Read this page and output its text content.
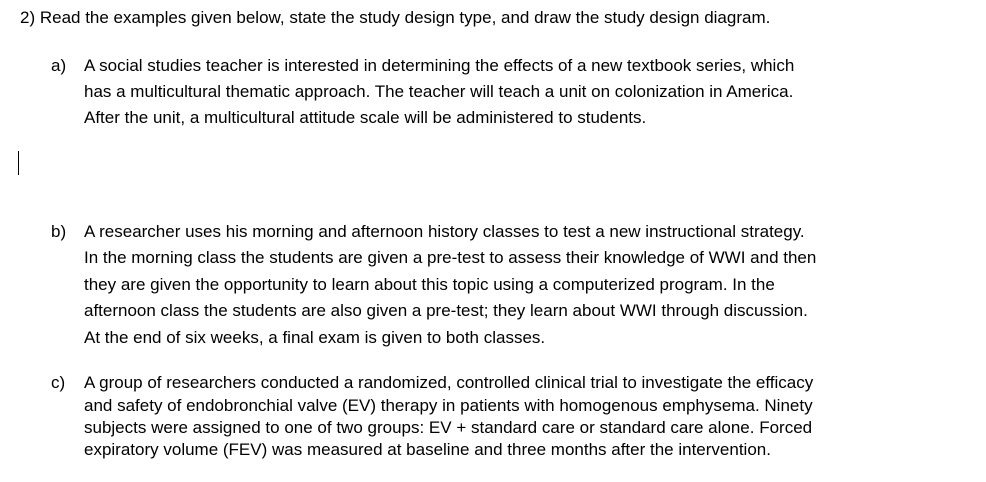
2) Read the examples given below, state the study design type, and draw the study design diagram.
a) A social studies teacher is interested in determining the effects of a new textbook series, which
has a multicultural thematic approach. The teacher will teach a unit on colonization in America.
After the unit, a multicultural attitude scale will be administered to students.
b) A researcher uses his morning and afternoon history classes to test a new instructional strategy.
In the morning class the students are given a pre-test to assess their knowledge of WWI and then
they are given the opportunity to learn about this topic using a computerized program. In the
afternoon class the students are also given a pre-test; they learn about WWI through discussion.
At the end of six weeks, a final exam is given to both classes.
c) A group of researchers conducted a randomized, controlled clinical trial to investigate the efficacy
and safety of endobronchial valve (EV) therapy in patients with homogenous emphysema. Ninety
subjects were assigned to one of two groups: EV + standard care or standard care alone. Forced
expiratory volume (FEV) was measured at baseline and three months after the intervention.
